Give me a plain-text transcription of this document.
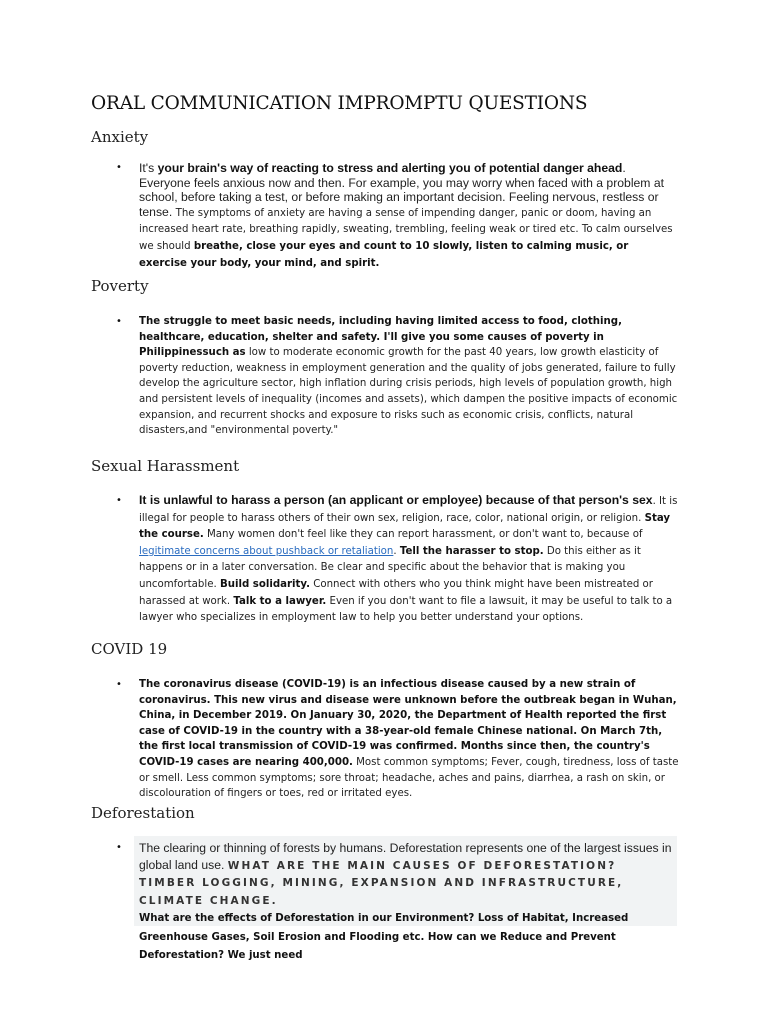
ORAL COMMUNICATION IMPROMPTU QUESTIONS
Anxiety

• It's your brain's way of reacting to stress and alerting you of potential danger ahead. Everyone feels anxious now and then. For example, you may worry when faced with a problem at school, before taking a test, or before making an important decision. Feeling nervous, restless or tense. The symptoms of anxiety are having a sense of impending danger, panic or doom, having an increased heart rate, breathing rapidly, sweating, trembling, feeling weak or tired etc. To calm ourselves we should breathe, close your eyes and count to 10 slowly, listen to calming music, or exercise your body, your mind, and spirit.

Poverty

• The struggle to meet basic needs, including having limited access to food, clothing, healthcare, education, shelter and safety. I'll give you some causes of poverty in Philippinessuch as low to moderate economic growth for the past 40 years, low growth elasticity of poverty reduction, weakness in employment generation and the quality of jobs generated, failure to fully develop the agriculture sector, high inflation during crisis periods, high levels of population growth, high and persistent levels of inequality (incomes and assets), which dampen the positive impacts of economic expansion, and recurrent shocks and exposure to risks such as economic crisis, conflicts, natural disasters,and "environmental poverty."

Sexual Harassment

• It is unlawful to harass a person (an applicant or employee) because of that person's sex. It is illegal for people to harass others of their own sex, religion, race, color, national origin, or religion. Stay the course. Many women don't feel like they can report harassment, or don't want to, because of legitimate concerns about pushback or retaliation. Tell the harasser to stop. Do this either as it happens or in a later conversation. Be clear and specific about the behavior that is making you uncomfortable. Build solidarity. Connect with others who you think might have been mistreated or harassed at work. Talk to a lawyer. Even if you don't want to file a lawsuit, it may be useful to talk to a lawyer who specializes in employment law to help you better understand your options.

COVID 19

• The coronavirus disease (COVID-19) is an infectious disease caused by a new strain of coronavirus. This new virus and disease were unknown before the outbreak began in Wuhan, China, in December 2019. On January 30, 2020, the Department of Health reported the first case of COVID-19 in the country with a 38-year-old female Chinese national. On March 7th, the first local transmission of COVID-19 was confirmed. Months since then, the country's COVID-19 cases are nearing 400,000. Most common symptoms; Fever, cough, tiredness, loss of taste or smell. Less common symptoms; sore throat; headache, aches and pains, diarrhea, a rash on skin, or discolouration of fingers or toes, red or irritated eyes.

Deforestation

• The clearing or thinning of forests by humans. Deforestation represents one of the largest issues in global land use. WHAT ARE THE MAIN CAUSES OF DEFORESTATION? TIMBER LOGGING, MINING, EXPANSION AND INFRASTRUCTURE, CLIMATE CHANGE.
What are the effects of Deforestation in our Environment? Loss of Habitat, Increased Greenhouse Gases, Soil Erosion and Flooding etc. How can we Reduce and Prevent Deforestation? We just need
